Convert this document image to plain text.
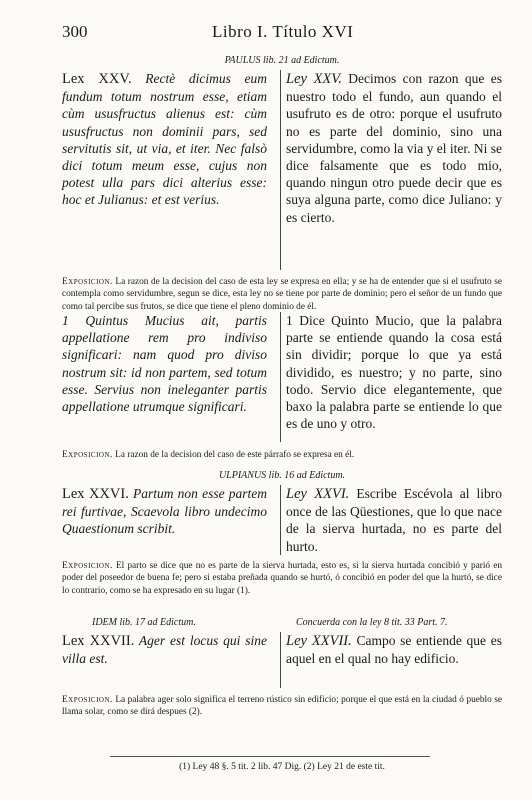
300	Libro I. Título XVI
PAULUS lib. 21 ad Edictum.
Lex XXV. Rectè dicimus eum fundum totum nostrum esse, etiam cùm ususfructus alienus est: cùm ususfructus non dominii pars, sed servitutis sit, ut via, et iter. Nec falsò dici totum meum esse, cujus non potest ulla pars dici alterius esse: hoc et Julianus: et est verius.
Ley XXV. Decimos con razon que es nuestro todo el fundo, aun quando el usufruto es de otro: porque el usufruto no es parte del dominio, sino una servidumbre, como la via y el iter. Ni se dice falsamente que es todo mio, quando ningun otro puede decir que es suya alguna parte, como dice Juliano: y es cierto.
Exposicion. La razon de la decision del caso de esta ley se expresa en ella; y se ha de entender que si el usufruto se contempla como servidumbre, segun se dice, esta ley no se tiene por parte de dominio; pero el señor de un fundo que como tal percibe sus frutos, se dice que tiene el pleno dominio de él.
1 Quintus Mucius ait, partis appellatione rem pro indiviso significari: nam quod pro diviso nostrum sit: id non partem, sed totum esse. Servius non ineleganter partis appellatione utrumque significari.
1 Dice Quinto Mucio, que la palabra parte se entiende quando la cosa está sin dividir; porque lo que ya está dividido, es nuestro; y no parte, sino todo. Servio dice elegantemente, que baxo la palabra parte se entiende lo que es de uno y otro.
Exposicion. La razon de la decision del caso de este párrafo se expresa en él.
ULPIANUS lib. 16 ad Edictum.
Lex XXVI. Partum non esse partem rei furtivae, Scaevola libro undecimo Quaestionum scribit.
Ley XXVI. Escribe Escévola al libro once de las Qüestiones, que lo que nace de la sierva hurtada, no es parte del hurto.
Exposicion. El parto se dice que no es parte de la sierva hurtada, esto es, si la sierva hurtada concibió y parió en poder del poseedor de buena fe; pero si estaba preñada quando se hurtó, ó concibió en poder del que la hurtó, se dice lo contrario, como se ha expresado en su lugar (1).
IDEM lib. 17 ad Edictum.	Concuerda con la ley 8 tit. 33 Part. 7.
Lex XXVII. Ager est locus qui sine villa est.
Ley XXVII. Campo se entiende que es aquel en el qual no hay edificio.
Exposicion. La palabra ager solo significa el terreno rústico sin edificio; porque el que está en la ciudad ó pueblo se llama solar, como se dirá despues (2).
(1) Ley 48 §. 5 tit. 2 lib. 47 Dig. (2) Ley 21 de este tit.
